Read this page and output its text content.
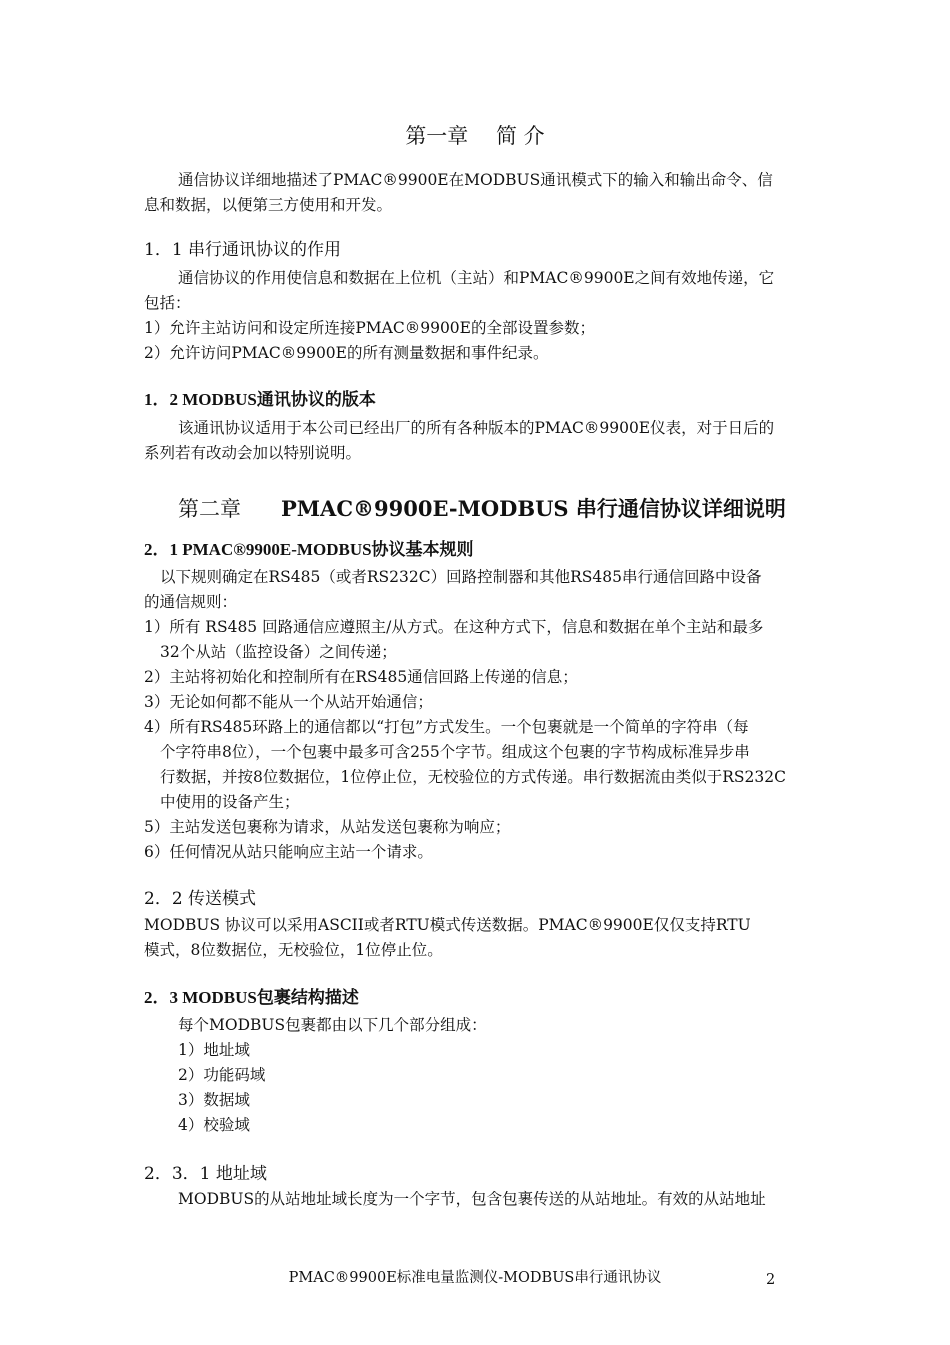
第一章　 简 介
通信协议详细地描述了PMAC®9900E在MODBUS通讯模式下的输入和输出命令、信
息和数据，以便第三方使用和开发。
1．1 串行通讯协议的作用
通信协议的作用使信息和数据在上位机（主站）和PMAC®9900E之间有效地传递，它
包括：
1）允许主站访问和设定所连接PMAC®9900E的全部设置参数；
2）允许访问PMAC®9900E的所有测量数据和事件纪录。
1．2 MODBUS通讯协议的版本
该通讯协议适用于本公司已经出厂的所有各种版本的PMAC®9900E仪表，对于日后的
系列若有改动会加以特别说明。
第二章 PMAC®9900E-MODBUS 串行通信协议详细说明
2．1 PMAC®9900E-MODBUS协议基本规则
以下规则确定在RS485（或者RS232C）回路控制器和其他RS485串行通信回路中设备
的通信规则：
1）所有 RS485 回路通信应遵照主/从方式。在这种方式下，信息和数据在单个主站和最多
32个从站（监控设备）之间传递；
2）主站将初始化和控制所有在RS485通信回路上传递的信息；
3）无论如何都不能从一个从站开始通信；
4）所有RS485环路上的通信都以“打包”方式发生。一个包裹就是一个简单的字符串（每
个字符串8位），一个包裹中最多可含255个字节。组成这个包裹的字节构成标准异步串
行数据，并按8位数据位，1位停止位，无校验位的方式传递。串行数据流由类似于RS232C
中使用的设备产生；
5）主站发送包裹称为请求，从站发送包裹称为响应；
6）任何情况从站只能响应主站一个请求。
2．2 传送模式
MODBUS 协议可以采用ASCII或者RTU模式传送数据。PMAC®9900E仅仅支持RTU
模式，8位数据位，无校验位，1位停止位。
2．3 MODBUS包裹结构描述
每个MODBUS包裹都由以下几个部分组成：
1）地址域
2）功能码域
3）数据域
4）校验域
2．3．1 地址域
MODBUS的从站地址域长度为一个字节，包含包裹传送的从站地址。有效的从站地址
PMAC®9900E标准电量监测仪-MODBUS串行通讯协议	2
